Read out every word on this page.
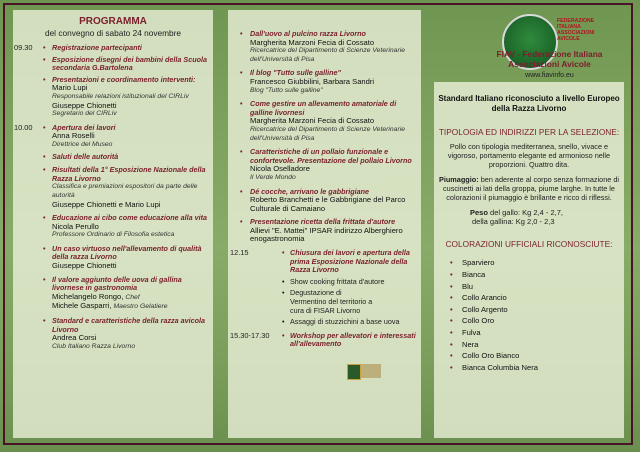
PROGRAMMA
del convegno di sabato 24 novembre
09.30	• Registrazione partecipanti
• Esposizione disegni dei bambini della Scuola secondaria G.Bartolena
• Presentazioni e coordinamento interventi:
Mario Lupi
Responsabile relazioni istituzionali del CIRLiv
Giuseppe Chionetti
Segretario del CIRLiv
10.00	• Apertura dei lavori
Anna Roselli
Direttrice del Museo
• Saluti delle autorità
• Risultati della 1° Esposizione Nazionale della Razza Livorno
Classifica e premiazioni espositori da parte delle autorità
Giuseppe Chionetti e Mario Lupi
• Educazione ai cibo come educazione alla vita
Nicola Perullo
Professore Ordinario di Filosofia estetica
• Un caso virtuoso nell'allevamento di qualità della razza Livorno
Giuseppe Chionetti
• Il valore aggiunto delle uova di gallina livornese in gastronomia
Michelangelo Rongo, Chef
Michele Gasparri, Maestro Gelatiere
• Standard e caratteristiche della razza avicola Livorno
Andrea Corsi
Club Italiano Razza Livorno
• Dall'uovo al pulcino razza Livorno
Margherita Marzoni Fecia di Cossato
Ricercatrice del Dipartimento di Scienze Veterinarie dell'Università di Pisa
• Il blog "Tutto sulle galline"
Francesco Giubbilini, Barbara Sandri
Blog "Tutto sulle galline"
• Come gestire un allevamento amatoriale di galline livornesi
Margherita Marzoni Fecia di Cossato
Ricercatrice del Dipartimento di Scienze Veterinarie dell'Università di Pisa
• Caratteristiche di un pollaio funzionale e confortevole. Presentazione del pollaio Livorno
Nicola Oselladore
Il Verde Mondo
• Dé cocche, arrivano le gabbrigiane
Roberto Branchetti e le Gabbrigiane del Parco Culturale di Camaiano
• Presentazione ricetta della frittata d'autore
Allievi "E. Mattei" IPSAR indirizzo Alberghiero enogastronomia
12.15	• Chiusura dei lavori e apertura della prima Esposizione Nazionale della Razza Livorno
• Show cooking frittata d'autore
• Degustazione di Vermentino del territorio a cura di FISAR Livorno
• Assaggi di stuzzichini a base uova
15.30-17.30	• Workshop per allevatori e interessati all'allevamento
FEDERAZIONE ITALIANA ASSOCIAZIONI AVICOLE
FIAV - Federazione Italiana Associazioni Avicole
www.fiavinfo.eu
Standard Italiano riconosciuto a livello Europeo della Razza Livorno
TIPOLOGIA ED INDIRIZZI PER LA SELEZIONE:
Pollo con tipologia mediterranea, snello, vivace e vigoroso, portamento elegante ed armonioso nelle proporzioni. Quattro dita.
Piumaggio: ben aderente al corpo senza formazione di cuscinetti ai lati della groppa, piume larghe. In tutte le colorazioni il piumaggio è brillante e ricco di riflessi.
Peso del gallo: Kg 2,4 - 2,7,
della gallina: Kg 2,0 - 2,3
COLORAZIONI UFFICIALI RICONOSCIUTE:
• Sparviero
• Bianca
• Blu
• Collo Arancio
• Collo Argento
• Collo Oro
• Fulva
• Nera
• Collo Oro Bianco
• Bianca Columbia Nera
